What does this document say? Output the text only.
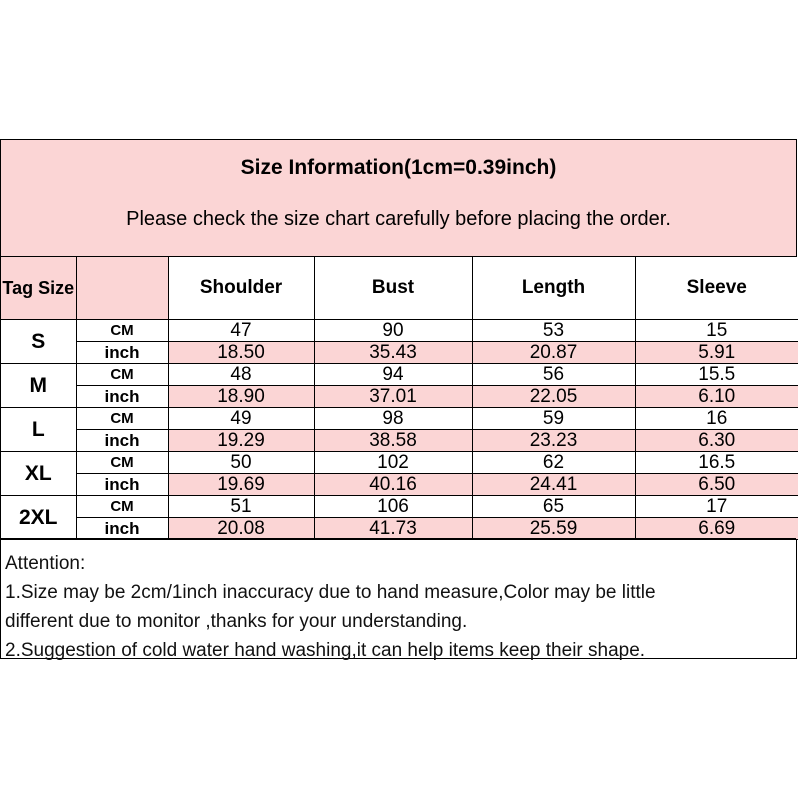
Size Information(1cm=0.39inch)
Please check the size chart carefully before placing the order.
Tag Size		Shoulder	Bust	Length	Sleeve
S	CM	47	90	53	15
	inch	18.50	35.43	20.87	5.91
M	CM	48	94	56	15.5
	inch	18.90	37.01	22.05	6.10
L	CM	49	98	59	16
	inch	19.29	38.58	23.23	6.30
XL	CM	50	102	62	16.5
	inch	19.69	40.16	24.41	6.50
2XL	CM	51	106	65	17
	inch	20.08	41.73	25.59	6.69
Attention:
1.Size may be 2cm/1inch inaccuracy due to hand measure,Color may be little
different due to monitor ,thanks for your understanding.
2.Suggestion of cold water hand washing,it can help items keep their shape.
